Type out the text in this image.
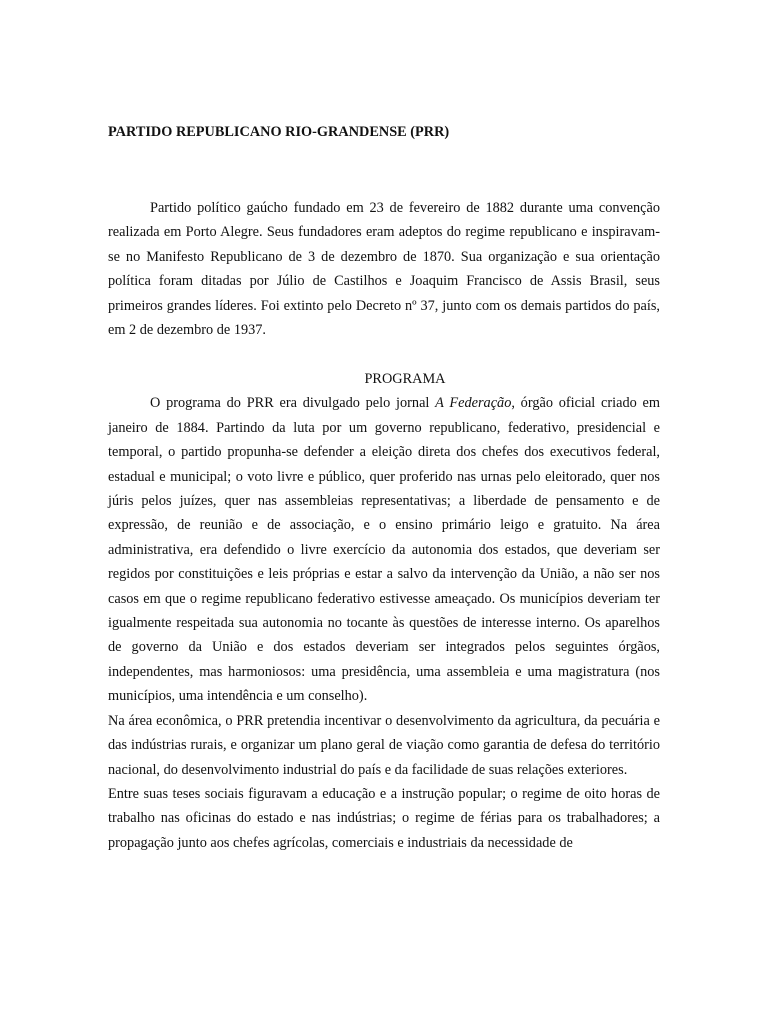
PARTIDO REPUBLICANO RIO-GRANDENSE (PRR)

Partido político gaúcho fundado em 23 de fevereiro de 1882 durante uma convenção realizada em Porto Alegre. Seus fundadores eram adeptos do regime republicano e inspiravam-se no Manifesto Republicano de 3 de dezembro de 1870. Sua organização e sua orientação política foram ditadas por Júlio de Castilhos e Joaquim Francisco de Assis Brasil, seus primeiros grandes líderes. Foi extinto pelo Decreto nº 37, junto com os demais partidos do país, em 2 de dezembro de 1937.

PROGRAMA

O programa do PRR era divulgado pelo jornal A Federação, órgão oficial criado em janeiro de 1884. Partindo da luta por um governo republicano, federativo, presidencial e temporal, o partido propunha-se defender a eleição direta dos chefes dos executivos federal, estadual e municipal; o voto livre e público, quer proferido nas urnas pelo eleitorado, quer nos júris pelos juízes, quer nas assembleias representativas; a liberdade de pensamento e de expressão, de reunião e de associação, e o ensino primário leigo e gratuito. Na área administrativa, era defendido o livre exercício da autonomia dos estados, que deveriam ser regidos por constituições e leis próprias e estar a salvo da intervenção da União, a não ser nos casos em que o regime republicano federativo estivesse ameaçado. Os municípios deveriam ter igualmente respeitada sua autonomia no tocante às questões de interesse interno. Os aparelhos de governo da União e dos estados deveriam ser integrados pelos seguintes órgãos, independentes, mas harmoniosos: uma presidência, uma assembleia e uma magistratura (nos municípios, uma intendência e um conselho).

Na área econômica, o PRR pretendia incentivar o desenvolvimento da agricultura, da pecuária e das indústrias rurais, e organizar um plano geral de viação como garantia de defesa do território nacional, do desenvolvimento industrial do país e da facilidade de suas relações exteriores.

Entre suas teses sociais figuravam a educação e a instrução popular; o regime de oito horas de trabalho nas oficinas do estado e nas indústrias; o regime de férias para os trabalhadores; a propagação junto aos chefes agrícolas, comerciais e industriais da necessidade de
